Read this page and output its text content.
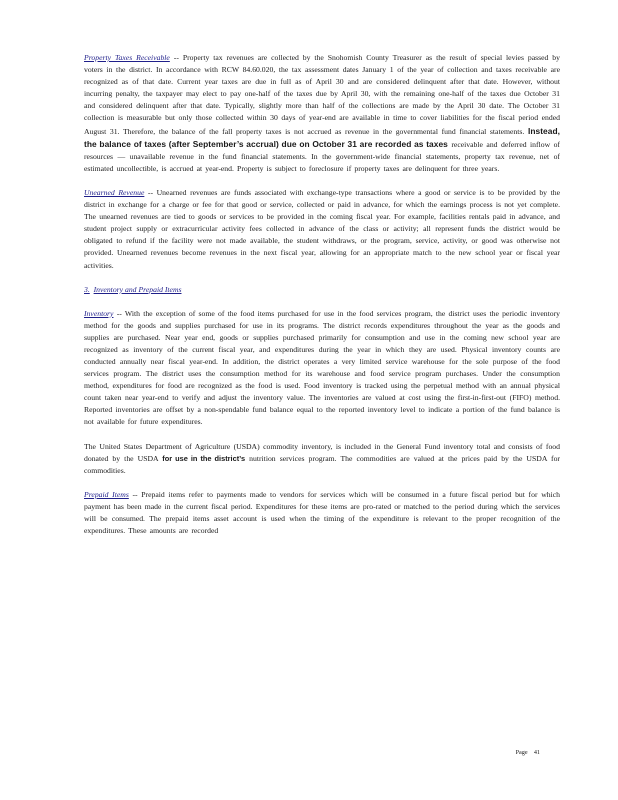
Property Taxes Receivable -- Property tax revenues are collected by the Snohomish County Treasurer as the result of special levies passed by voters in the district. In accordance with RCW 84.60.020, the tax assessment dates January 1 of the year of collection and taxes receivable are recognized as of that date. Current year taxes are due in full as of April 30 and are considered delinquent after that date. However, without incurring penalty, the taxpayer may elect to pay one-half of the taxes due by April 30, with the remaining one-half of the taxes due October 31 and considered delinquent after that date. Typically, slightly more than half of the collections are made by the April 30 date. The October 31 collection is measurable but only those collected within 30 days of year-end are available in time to cover liabilities for the fiscal period ended August 31. Therefore, the balance of the fall property taxes is not accrued as revenue in the governmental fund financial statements. Instead, the balance of taxes (after September’s accrual) due on October 31 are recorded as taxes receivable and deferred inflow of resources — unavailable revenue in the fund financial statements. In the government-wide financial statements, property tax revenue, net of estimated uncollectible, is accrued at year-end. Property is subject to foreclosure if property taxes are delinquent for three years.

Unearned Revenue -- Unearned revenues are funds associated with exchange-type transactions where a good or service is to be provided by the district in exchange for a charge or fee for that good or service, collected or paid in advance, for which the earnings process is not yet complete. The unearned revenues are tied to goods or services to be provided in the coming fiscal year. For example, facilities rentals paid in advance, and student project supply or extracurricular activity fees collected in advance of the class or activity; all represent funds the district would be obligated to refund if the facility were not made available, the student withdraws, or the program, service, activity, or good was otherwise not provided. Unearned revenues become revenues in the next fiscal year, allowing for an appropriate match to the new school year or fiscal year activities.

3. Inventory and Prepaid Items

Inventory -- With the exception of some of the food items purchased for use in the food services program, the district uses the periodic inventory method for the goods and supplies purchased for use in its programs. The district records expenditures throughout the year as the goods and supplies are purchased. Near year end, goods or supplies purchased primarily for consumption and use in the coming new school year are recognized as inventory of the current fiscal year, and expenditures during the year in which they are used. Physical inventory counts are conducted annually near fiscal year-end. In addition, the district operates a very limited service warehouse for the sole purpose of the food services program. The district uses the consumption method for its warehouse and food service program purchases. Under the consumption method, expenditures for food are recognized as the food is used. Food inventory is tracked using the perpetual method with an annual physical count taken near year-end to verify and adjust the inventory value. The inventories are valued at cost using the first-in-first-out (FIFO) method. Reported inventories are offset by a non-spendable fund balance equal to the reported inventory level to indicate a portion of the fund balance is not available for future expenditures.

The United States Department of Agriculture (USDA) commodity inventory, is included in the General Fund inventory total and consists of food donated by the USDA for use in the district’s nutrition services program. The commodities are valued at the prices paid by the USDA for commodities.

Prepaid Items -- Prepaid items refer to payments made to vendors for services which will be consumed in a future fiscal period but for which payment has been made in the current fiscal period. Expenditures for these items are pro-rated or matched to the period during which the services will be consumed. The prepaid items asset account is used when the timing of the expenditure is relevant to the proper recognition of the expenditures. These amounts are recorded

Page 41
